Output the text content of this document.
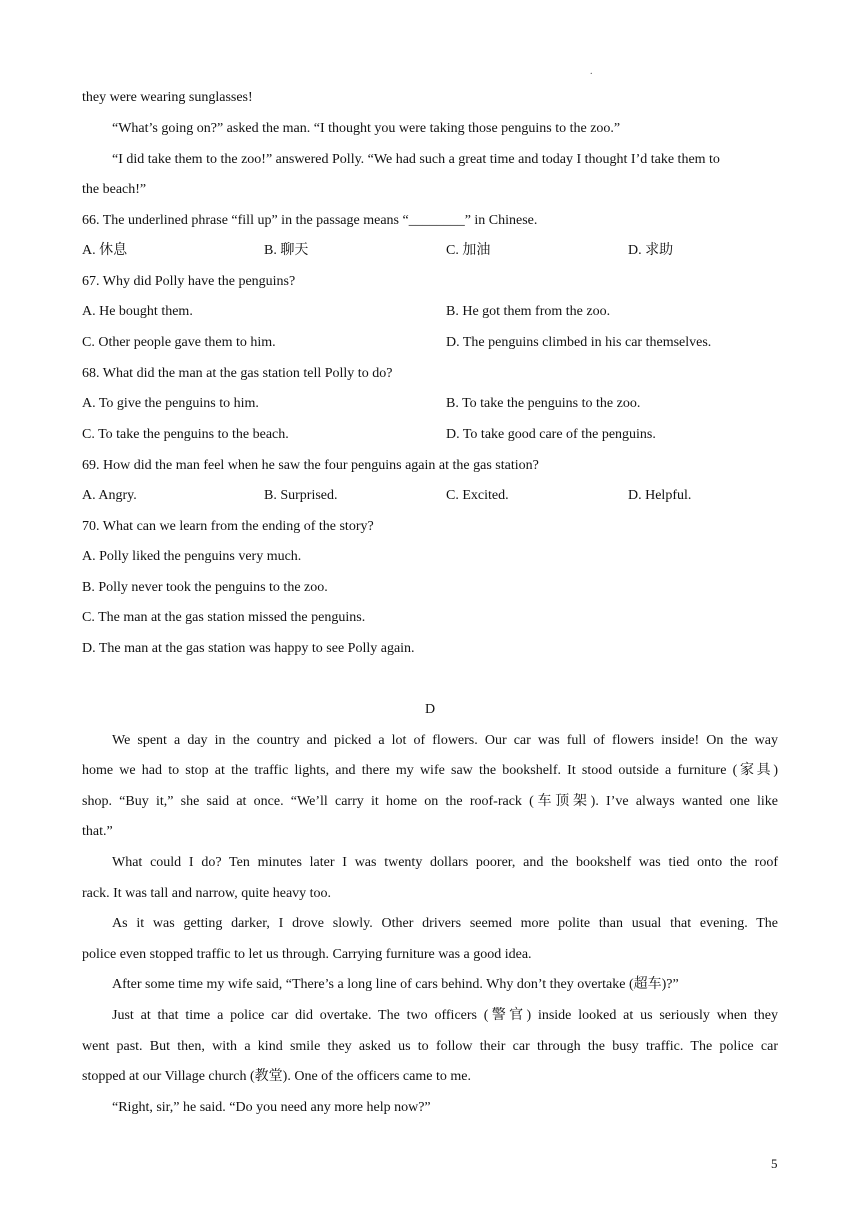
.
they were wearing sunglasses!
“What’s going on?” asked the man. “I thought you were taking those penguins to the zoo.”
“I did take them to the zoo!” answered Polly. “We had such a great time and today I thought I’d take them to
the beach!”
66. The underlined phrase “fill up” in the passage means “________” in Chinese.
A. 休息	B. 聊天	C. 加油	D. 求助
67. Why did Polly have the penguins?
A. He bought them.	B. He got them from the zoo.
C. Other people gave them to him.	D. The penguins climbed in his car themselves.
68. What did the man at the gas station tell Polly to do?
A. To give the penguins to him.	B. To take the penguins to the zoo.
C. To take the penguins to the beach.	D. To take good care of the penguins.
69. How did the man feel when he saw the four penguins again at the gas station?
A. Angry.	B. Surprised.	C. Excited.	D. Helpful.
70. What can we learn from the ending of the story?
A. Polly liked the penguins very much.
B. Polly never took the penguins to the zoo.
C. The man at the gas station missed the penguins.
D. The man at the gas station was happy to see Polly again.
D
We spent a day in the country and picked a lot of flowers. Our car was full of flowers inside! On the way
home we had to stop at the traffic lights, and there my wife saw the bookshelf. It stood outside a furniture (家具)
shop. “Buy it,” she said at once. “We’ll carry it home on the roof-rack (车顶架). I’ve always wanted one like
that.”
What could I do? Ten minutes later I was twenty dollars poorer, and the bookshelf was tied onto the roof
rack. It was tall and narrow, quite heavy too.
As it was getting darker, I drove slowly. Other drivers seemed more polite than usual that evening. The
police even stopped traffic to let us through. Carrying furniture was a good idea.
After some time my wife said, “There’s a long line of cars behind. Why don’t they overtake (超车)?”
Just at that time a police car did overtake. The two officers (警官) inside looked at us seriously when they
went past. But then, with a kind smile they asked us to follow their car through the busy traffic. The police car
stopped at our Village church (教堂). One of the officers came to me.
“Right, sir,” he said. “Do you need any more help now?”
5
